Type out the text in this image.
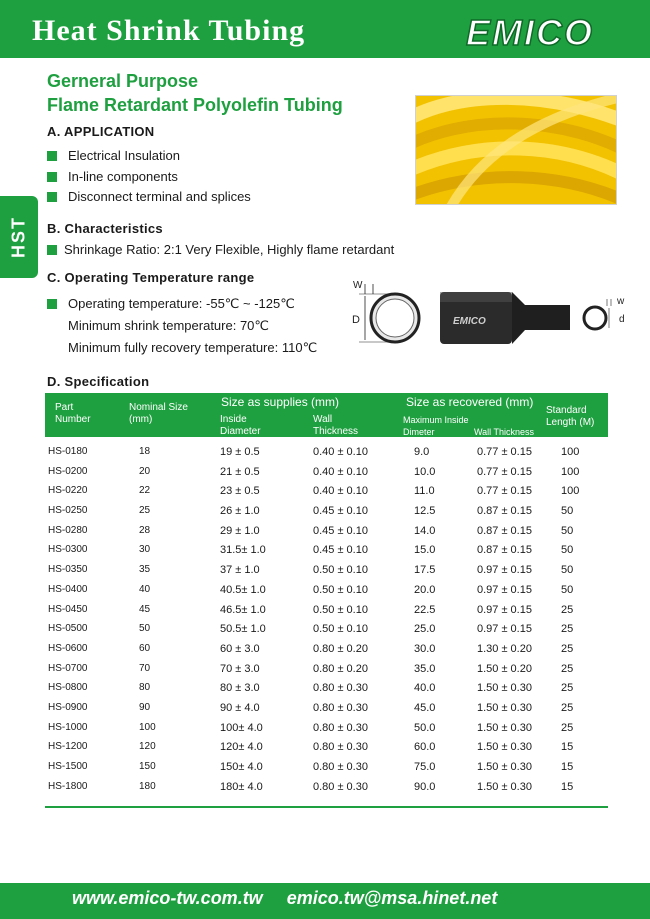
Heat Shrink Tubing	EMICO
HST
Gerneral Purpose
Flame Retardant Polyolefin Tubing
A. APPLICATION
Electrical Insulation
In-line components
Disconnect terminal and splices
B. Characteristics
Shrinkage Ratio: 2:1 Very Flexible, Highly flame retardant
C. Operating Temperature range
Operating temperature: -55℃ ~ -125℃
Minimum shrink temperature: 70℃
Minimum fully recovery temperature: 110℃
W
D	EMICO
w
d
D. Specification
Part Number
Nominal Size (mm)
Size as supplies (mm)
Inside Diameter
Wall Thickness
Size as recovered (mm)
Maximum Inside Dimeter	Wall Thickness
Standard Length (M)
HS-0180	18	19 ± 0.5	0.40 ± 0.10	9.0	0.77 ± 0.15	100
HS-0200	20	21 ± 0.5	0.40 ± 0.10	10.0	0.77 ± 0.15	100
HS-0220	22	23 ± 0.5	0.40 ± 0.10	11.0	0.77 ± 0.15	100
HS-0250	25	26 ± 1.0	0.45 ± 0.10	12.5	0.87 ± 0.15	50
HS-0280	28	29 ± 1.0	0.45 ± 0.10	14.0	0.87 ± 0.15	50
HS-0300	30	31.5± 1.0	0.45 ± 0.10	15.0	0.87 ± 0.15	50
HS-0350	35	37 ± 1.0	0.50 ± 0.10	17.5	0.97 ± 0.15	50
HS-0400	40	40.5± 1.0	0.50 ± 0.10	20.0	0.97 ± 0.15	50
HS-0450	45	46.5± 1.0	0.50 ± 0.10	22.5	0.97 ± 0.15	25
HS-0500	50	50.5± 1.0	0.50 ± 0.10	25.0	0.97 ± 0.15	25
HS-0600	60	60 ± 3.0	0.80 ± 0.20	30.0	1.30 ± 0.20	25
HS-0700	70	70 ± 3.0	0.80 ± 0.20	35.0	1.50 ± 0.20	25
HS-0800	80	80 ± 3.0	0.80 ± 0.30	40.0	1.50 ± 0.30	25
HS-0900	90	90 ± 4.0	0.80 ± 0.30	45.0	1.50 ± 0.30	25
HS-1000	100	100± 4.0	0.80 ± 0.30	50.0	1.50 ± 0.30	25
HS-1200	120	120± 4.0	0.80 ± 0.30	60.0	1.50 ± 0.30	15
HS-1500	150	150± 4.0	0.80 ± 0.30	75.0	1.50 ± 0.30	15
HS-1800	180	180± 4.0	0.80 ± 0.30	90.0	1.50 ± 0.30	15
www.emico-tw.com.tw emico.tw@msa.hinet.net
